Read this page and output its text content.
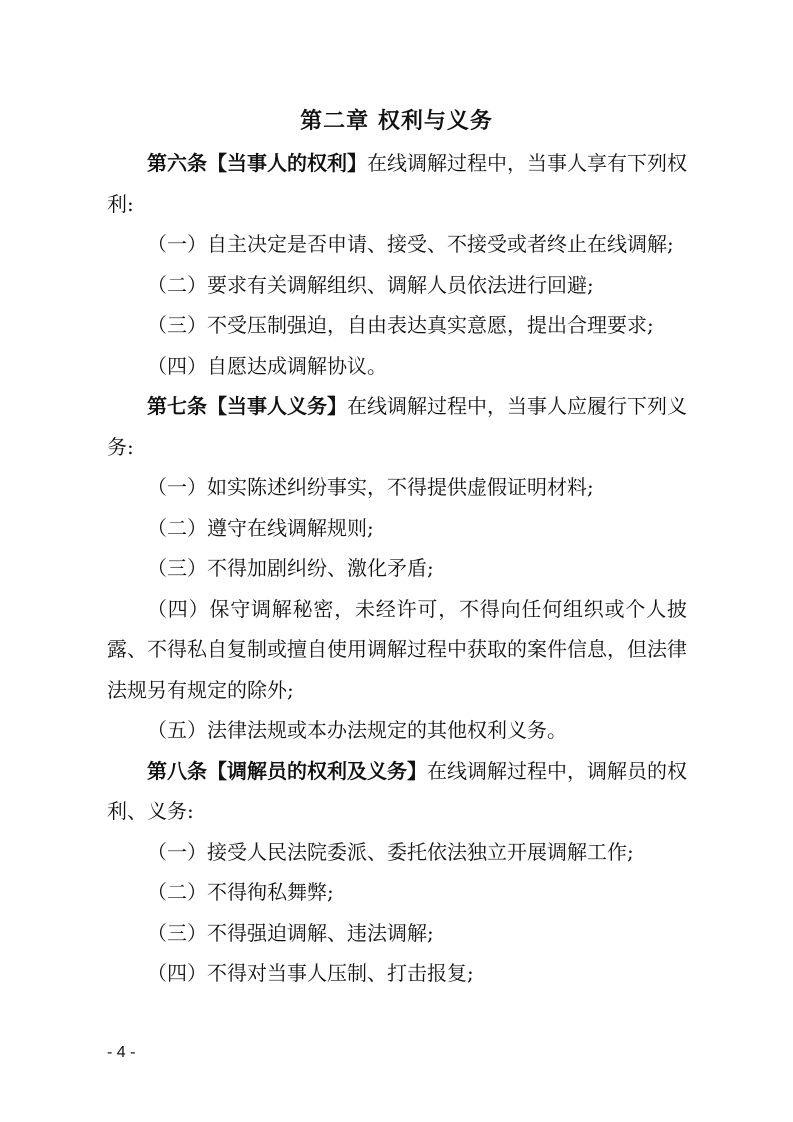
第二章 权利与义务

第六条【当事人的权利】在线调解过程中，当事人享有下列权利:

（一）自主决定是否申请、接受、不接受或者终止在线调解;

（二）要求有关调解组织、调解人员依法进行回避;

（三）不受压制强迫，自由表达真实意愿，提出合理要求;

（四）自愿达成调解协议。

第七条【当事人义务】在线调解过程中，当事人应履行下列义务:

（一）如实陈述纠纷事实，不得提供虚假证明材料;

（二）遵守在线调解规则;

（三）不得加剧纠纷、激化矛盾;

（四）保守调解秘密，未经许可，不得向任何组织或个人披露、不得私自复制或擅自使用调解过程中获取的案件信息，但法律法规另有规定的除外;

（五）法律法规或本办法规定的其他权利义务。

第八条【调解员的权利及义务】在线调解过程中，调解员的权利、义务:

（一）接受人民法院委派、委托依法独立开展调解工作;

（二）不得徇私舞弊;

（三）不得强迫调解、违法调解;

（四）不得对当事人压制、打击报复;

- 4 -
